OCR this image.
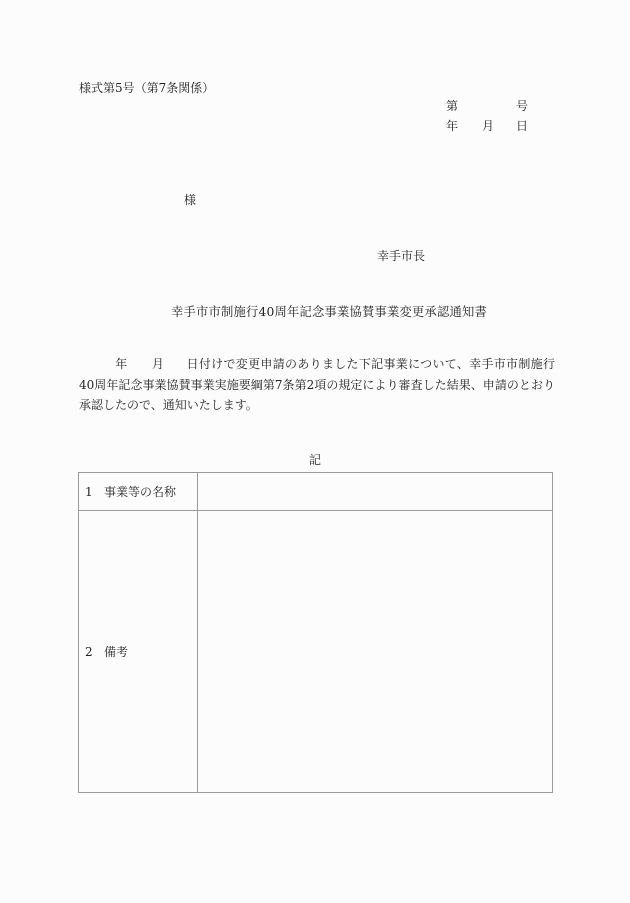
様式第5号（第7条関係）
第	号
年 月 日
様
幸手市長
幸手市市制施行40周年記念事業協賛事業変更承認通知書
年 月 日付けで変更申請のありました下記事業について、幸手市市制施行40周年記念事業協賛事業実施要綱第7条第2項の規定により審査した結果、申請のとおり承認したので、通知いたします。
記
1 事業等の名称	
2 備考	
